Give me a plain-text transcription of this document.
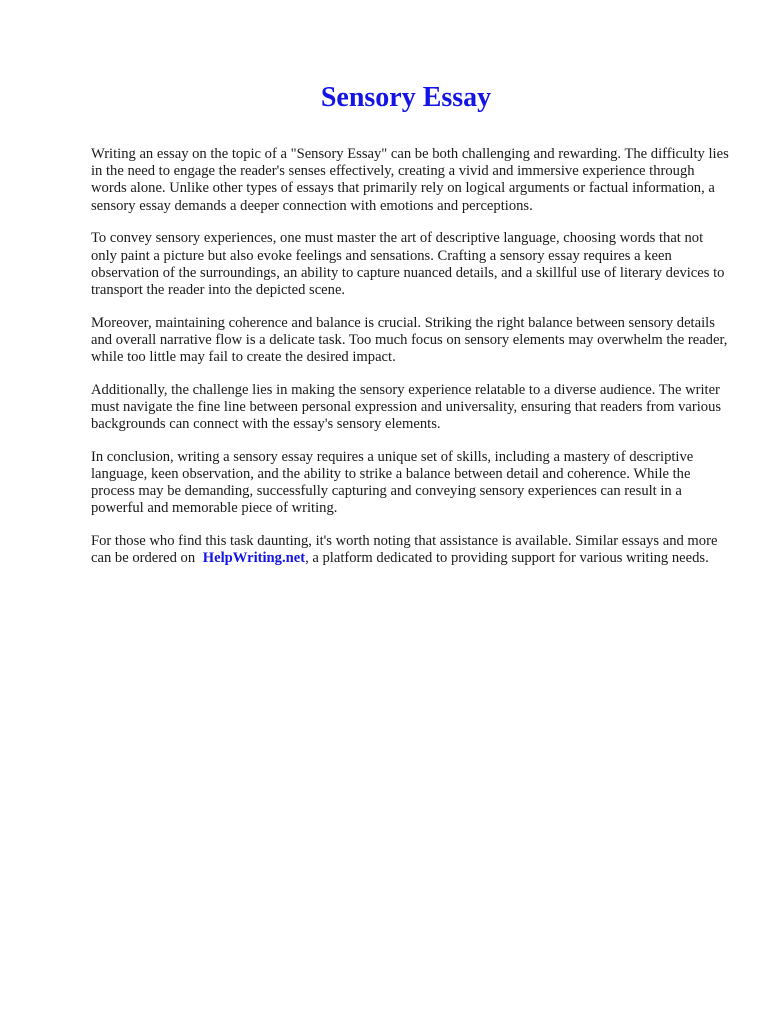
Sensory Essay

Writing an essay on the topic of a "Sensory Essay" can be both challenging and rewarding. The difficulty lies in the need to engage the reader's senses effectively, creating a vivid and immersive experience through words alone. Unlike other types of essays that primarily rely on logical arguments or factual information, a sensory essay demands a deeper connection with emotions and perceptions.

To convey sensory experiences, one must master the art of descriptive language, choosing words that not only paint a picture but also evoke feelings and sensations. Crafting a sensory essay requires a keen observation of the surroundings, an ability to capture nuanced details, and a skillful use of literary devices to transport the reader into the depicted scene.

Moreover, maintaining coherence and balance is crucial. Striking the right balance between sensory details and overall narrative flow is a delicate task. Too much focus on sensory elements may overwhelm the reader, while too little may fail to create the desired impact.

Additionally, the challenge lies in making the sensory experience relatable to a diverse audience. The writer must navigate the fine line between personal expression and universality, ensuring that readers from various backgrounds can connect with the essay's sensory elements.

In conclusion, writing a sensory essay requires a unique set of skills, including a mastery of descriptive language, keen observation, and the ability to strike a balance between detail and coherence. While the process may be demanding, successfully capturing and conveying sensory experiences can result in a powerful and memorable piece of writing.

For those who find this task daunting, it's worth noting that assistance is available. Similar essays and more can be ordered on HelpWriting.net, a platform dedicated to providing support for various writing needs.
